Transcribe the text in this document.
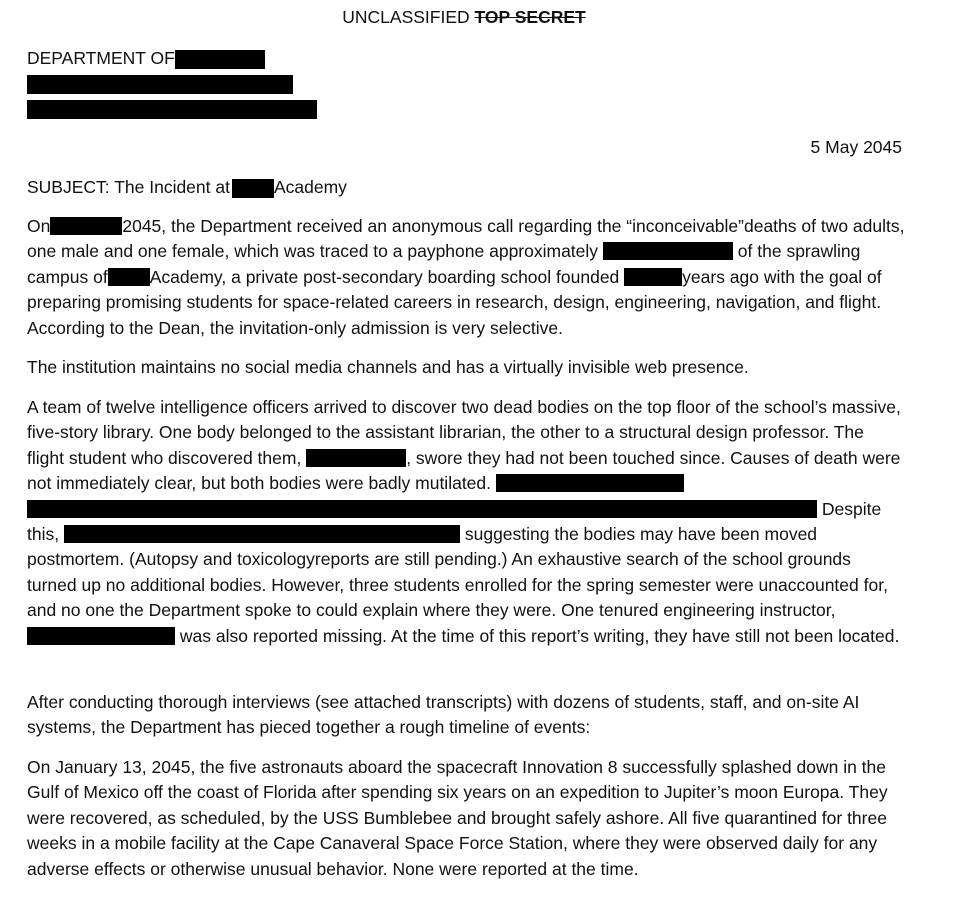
UNCLASSIFIED TOP SECRET
DEPARTMENT OF
5 May 2045
SUBJECT: The Incident at	Academy
On	2045, the Department received an anonymous call regarding the “inconceivable”deaths of two adults, one male and one female, which was traced to a payphone approximately	of the sprawling campus of Academy, a private post-secondary boarding school founded	years ago with the goal of preparing promising students for space-related careers in research, design, engineering, navigation, and flight. According to the Dean, the invitation-only admission is very selective.
The institution maintains no social media channels and has a virtually invisible web presence.
A team of twelve intelligence officers arrived to discover two dead bodies on the top floor of the school’s massive, five-story library. One body belonged to the assistant librarian, the other to a structural design professor. The flight student who discovered them,	, swore they had not been touched since. Causes of death were not immediately clear, but both bodies were badly mutilated.   Despite this,	suggesting the bodies may have been moved postmortem. (Autopsy and toxicologyreports are still pending.) An exhaustive search of the school grounds turned up no additional bodies. However, three students enrolled for the spring semester were unaccounted for, and no one the Department spoke to could explain where they were. One tenured engineering instructor,  was also reported missing. At the time of this report’s writing, they have still not been located.
After conducting thorough interviews (see attached transcripts) with dozens of students, staff, and on-site AI systems, the Department has pieced together a rough timeline of events:
On January 13, 2045, the five astronauts aboard the spacecraft Innovation 8 successfully splashed down in the Gulf of Mexico off the coast of Florida after spending six years on an expedition to Jupiter’s moon Europa. They were recovered, as scheduled, by the USS Bumblebee and brought safely ashore. All five quarantined for three weeks in a mobile facility at the Cape Canaveral Space Force Station, where they were observed daily for any adverse effects or otherwise unusual behavior. None were reported at the time.
